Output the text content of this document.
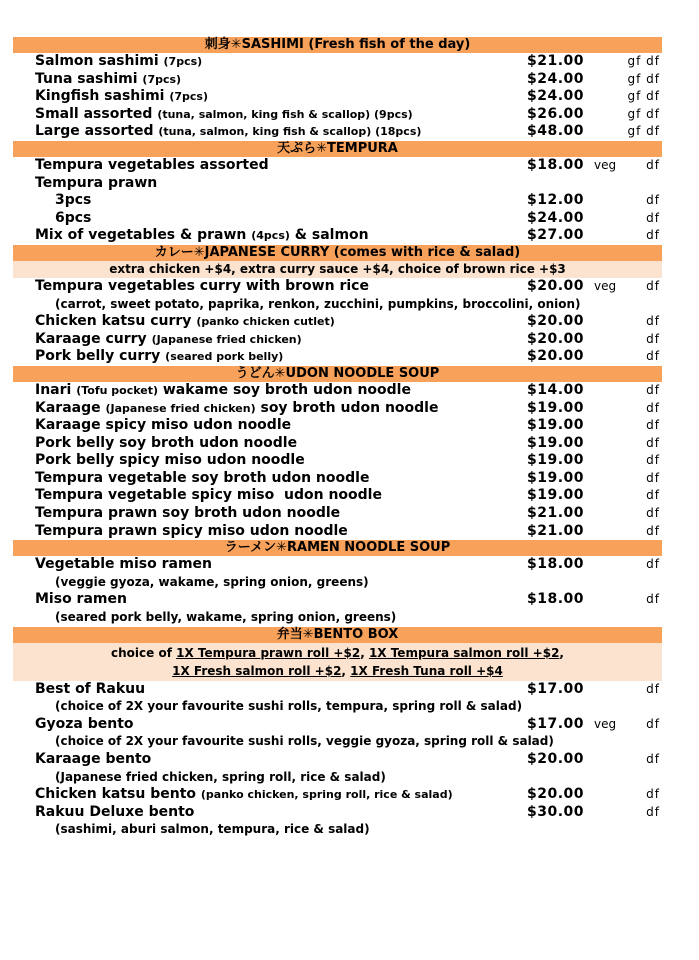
刺身✳SASHIMI (Fresh fish of the day)
Salmon sashimi (7pcs)	$21.00	gf df
Tuna sashimi (7pcs)	$24.00	gf df
Kingfish sashimi (7pcs)	$24.00	gf df
Small assorted (tuna, salmon, king fish & scallop) (9pcs)	$26.00	gf df
Large assorted (tuna, salmon, king fish & scallop) (18pcs)	$48.00	gf df
天ぷら✳TEMPURA
Tempura vegetables assorted	$18.00 veg	df
Tempura prawn
3pcs	$12.00	df
6pcs	$24.00	df
Mix of vegetables & prawn (4pcs) & salmon	$27.00	df
カレー✳JAPANESE CURRY (comes with rice & salad)
extra chicken +$4, extra curry sauce +$4, choice of brown rice +$3
Tempura vegetables curry with brown rice	$20.00 veg	df
(carrot, sweet potato, paprika, renkon, zucchini, pumpkins, broccolini, onion)
Chicken katsu curry (panko chicken cutlet)	$20.00	df
Karaage curry (Japanese fried chicken)	$20.00	df
Pork belly curry (seared pork belly)	$20.00	df
うどん✳UDON NOODLE SOUP
Inari (Tofu pocket) wakame soy broth udon noodle	$14.00	df
Karaage (Japanese fried chicken) soy broth udon noodle	$19.00	df
Karaage spicy miso udon noodle	$19.00	df
Pork belly soy broth udon noodle	$19.00	df
Pork belly spicy miso udon noodle	$19.00	df
Tempura vegetable soy broth udon noodle	$19.00	df
Tempura vegetable spicy miso  udon noodle	$19.00	df
Tempura prawn soy broth udon noodle	$21.00	df
Tempura prawn spicy miso udon noodle	$21.00	df
ラーメン✳RAMEN NOODLE SOUP
Vegetable miso ramen	$18.00	df
(veggie gyoza, wakame, spring onion, greens)
Miso ramen	$18.00	df
(seared pork belly, wakame, spring onion, greens)
弁当✳BENTO BOX
choice of 1X Tempura prawn roll +$2, 1X Tempura salmon roll +$2,
1X Fresh salmon roll +$2, 1X Fresh Tuna roll +$4
Best of Rakuu	$17.00	df
(choice of 2X your favourite sushi rolls, tempura, spring roll & salad)
Gyoza bento	$17.00 veg	df
(choice of 2X your favourite sushi rolls, veggie gyoza, spring roll & salad)
Karaage bento	$20.00	df
(Japanese fried chicken, spring roll, rice & salad)
Chicken katsu bento (panko chicken, spring roll, rice & salad)	$20.00	df
Rakuu Deluxe bento	$30.00	df
(sashimi, aburi salmon, tempura, rice & salad)
